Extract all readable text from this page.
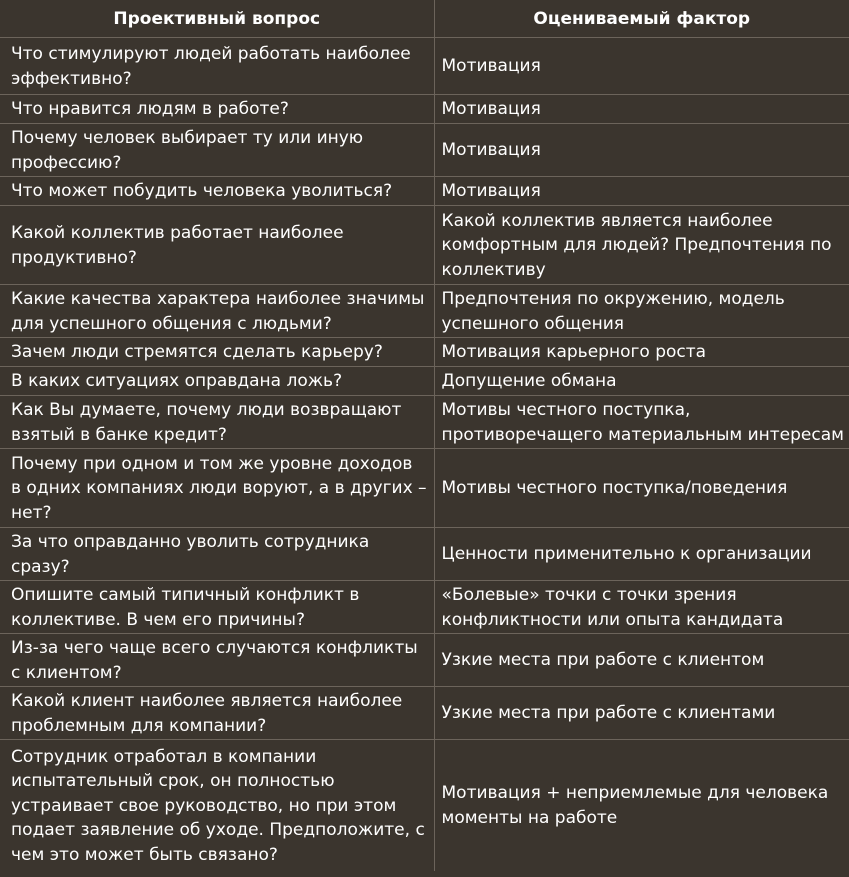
Проективный вопрос	Оцениваемый фактор
Что стимулируют людей работать наиболее эффективно?	Мотивация
Что нравится людям в работе?	Мотивация
Почему человек выбирает ту или иную профессию?	Мотивация
Что может побудить человека уволиться?	Мотивация
Какой коллектив работает наиболее продуктивно?	Какой коллектив является наиболее комфортным для людей? Предпочтения по коллективу
Какие качества характера наиболее значимы для успешного общения с людьми?	Предпочтения по окружению, модель успешного общения
Зачем люди стремятся сделать карьеру?	Мотивация карьерного роста
В каких ситуациях оправдана ложь?	Допущение обмана
Как Вы думаете, почему люди возвращают взятый в банке кредит?	Мотивы честного поступка, противоречащего материальным интересам
Почему при одном и том же уровне доходов в одних компаниях люди воруют, а в других – нет?	Мотивы честного поступка/поведения
За что оправданно уволить сотрудника сразу?	Ценности применительно к организации
Опишите самый типичный конфликт в коллективе. В чем его причины?	«Болевые» точки с точки зрения конфликтности или опыта кандидата
Из-за чего чаще всего случаются конфликты с клиентом?	Узкие места при работе с клиентом
Какой клиент наиболее является наиболее проблемным для компании?	Узкие места при работе с клиентами
Сотрудник отработал в компании испытательный срок, он полностью устраивает свое руководство, но при этом подает заявление об уходе. Предположите, с чем это может быть связано?	Мотивация + неприемлемые для человека моменты на работе
